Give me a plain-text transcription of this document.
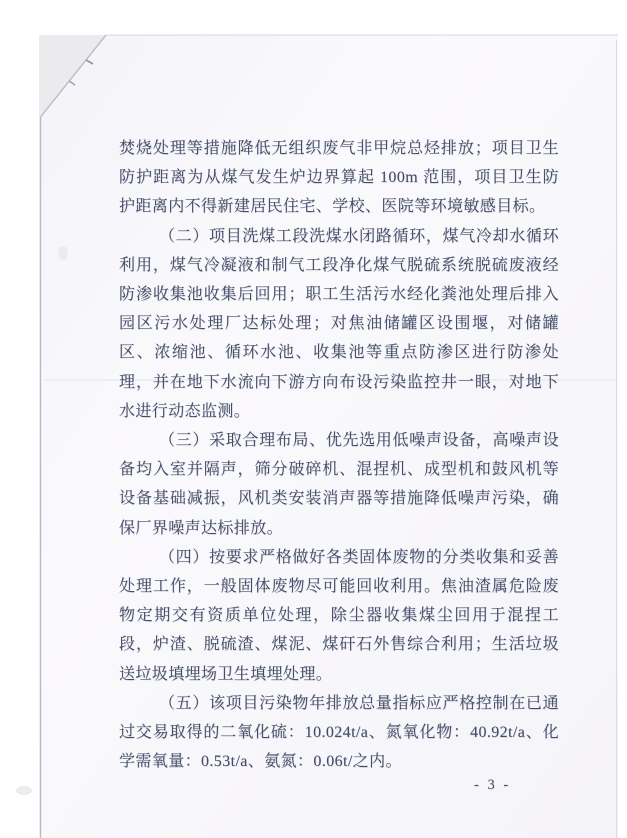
焚烧处理等措施降低无组织废气非甲烷总烃排放；项目卫生防护距离为从煤气发生炉边界算起 100m 范围，项目卫生防护距离内不得新建居民住宅、学校、医院等环境敏感目标。

（二）项目洗煤工段洗煤水闭路循环，煤气冷却水循环利用，煤气冷凝液和制气工段净化煤气脱硫系统脱硫废液经防渗收集池收集后回用；职工生活污水经化粪池处理后排入园区污水处理厂达标处理；对焦油储罐区设围堰，对储罐区、浓缩池、循环水池、收集池等重点防渗区进行防渗处理，并在地下水流向下游方向布设污染监控井一眼，对地下水进行动态监测。

（三）采取合理布局、优先选用低噪声设备，高噪声设备均入室并隔声，筛分破碎机、混捏机、成型机和鼓风机等设备基础减振，风机类安装消声器等措施降低噪声污染，确保厂界噪声达标排放。

（四）按要求严格做好各类固体废物的分类收集和妥善处理工作，一般固体废物尽可能回收利用。焦油渣属危险废物定期交有资质单位处理，除尘器收集煤尘回用于混捏工段，炉渣、脱硫渣、煤泥、煤矸石外售综合利用；生活垃圾送垃圾填埋场卫生填埋处理。

（五）该项目污染物年排放总量指标应严格控制在已通过交易取得的二氧化硫：10.024t/a、氮氧化物：40.92t/a、化学需氧量：0.53t/a、氨氮：0.06t/之内。

- 3 -
